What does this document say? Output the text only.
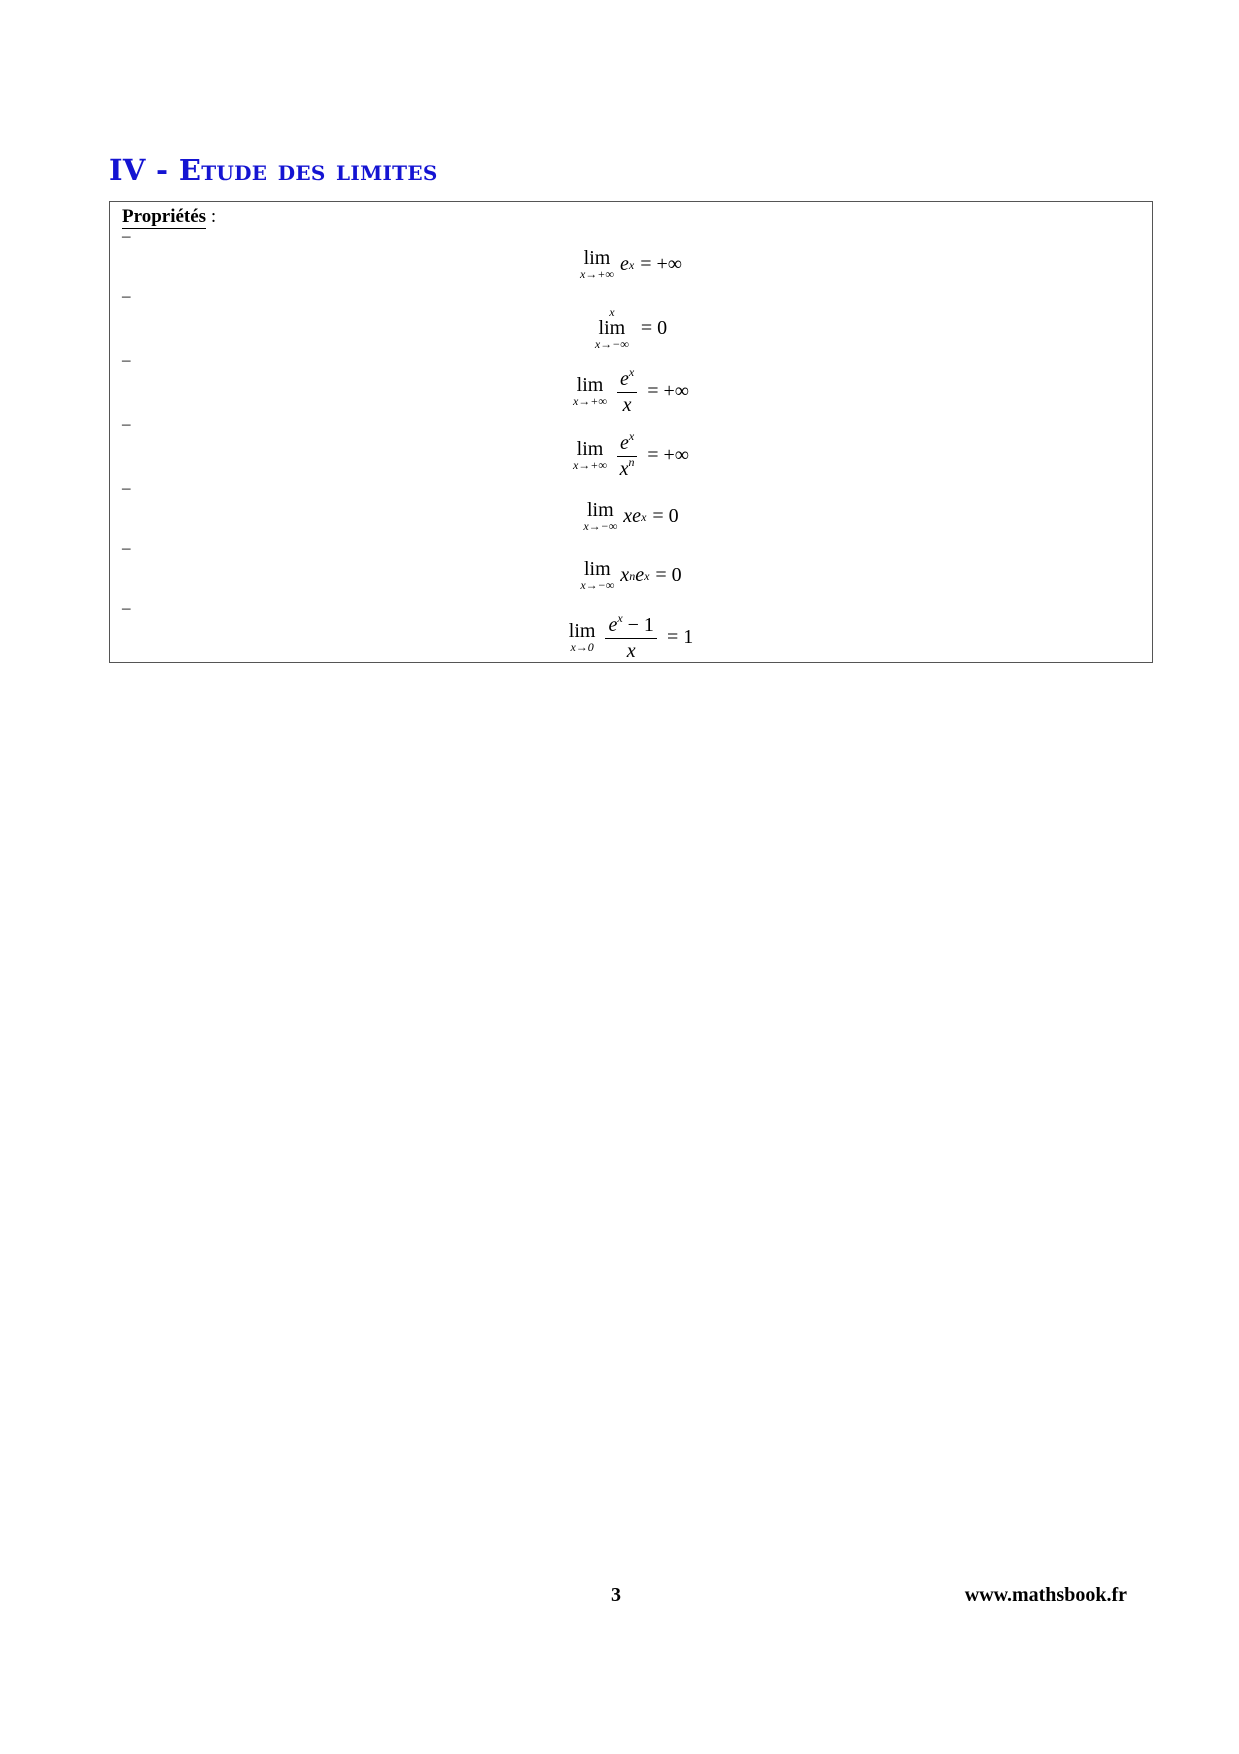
IV - Etude des limites
Propriétés :
–
lim
x→+∞ e x = +∞
–
x
lim
x→−∞
= 0
–
lim
$x\to+\infty \frac{e^x}{x}$ = +∞
–
lim
$x\to+\infty \frac{e^x}{x^n}$ = +∞
–
lim
x→−∞ xe x = 0
–
lim
x→−∞ x n e x = 0
–
lim
$x\to 0 \frac{e^x - 1}{x} = 1$
3	www.mathsbook.fr
